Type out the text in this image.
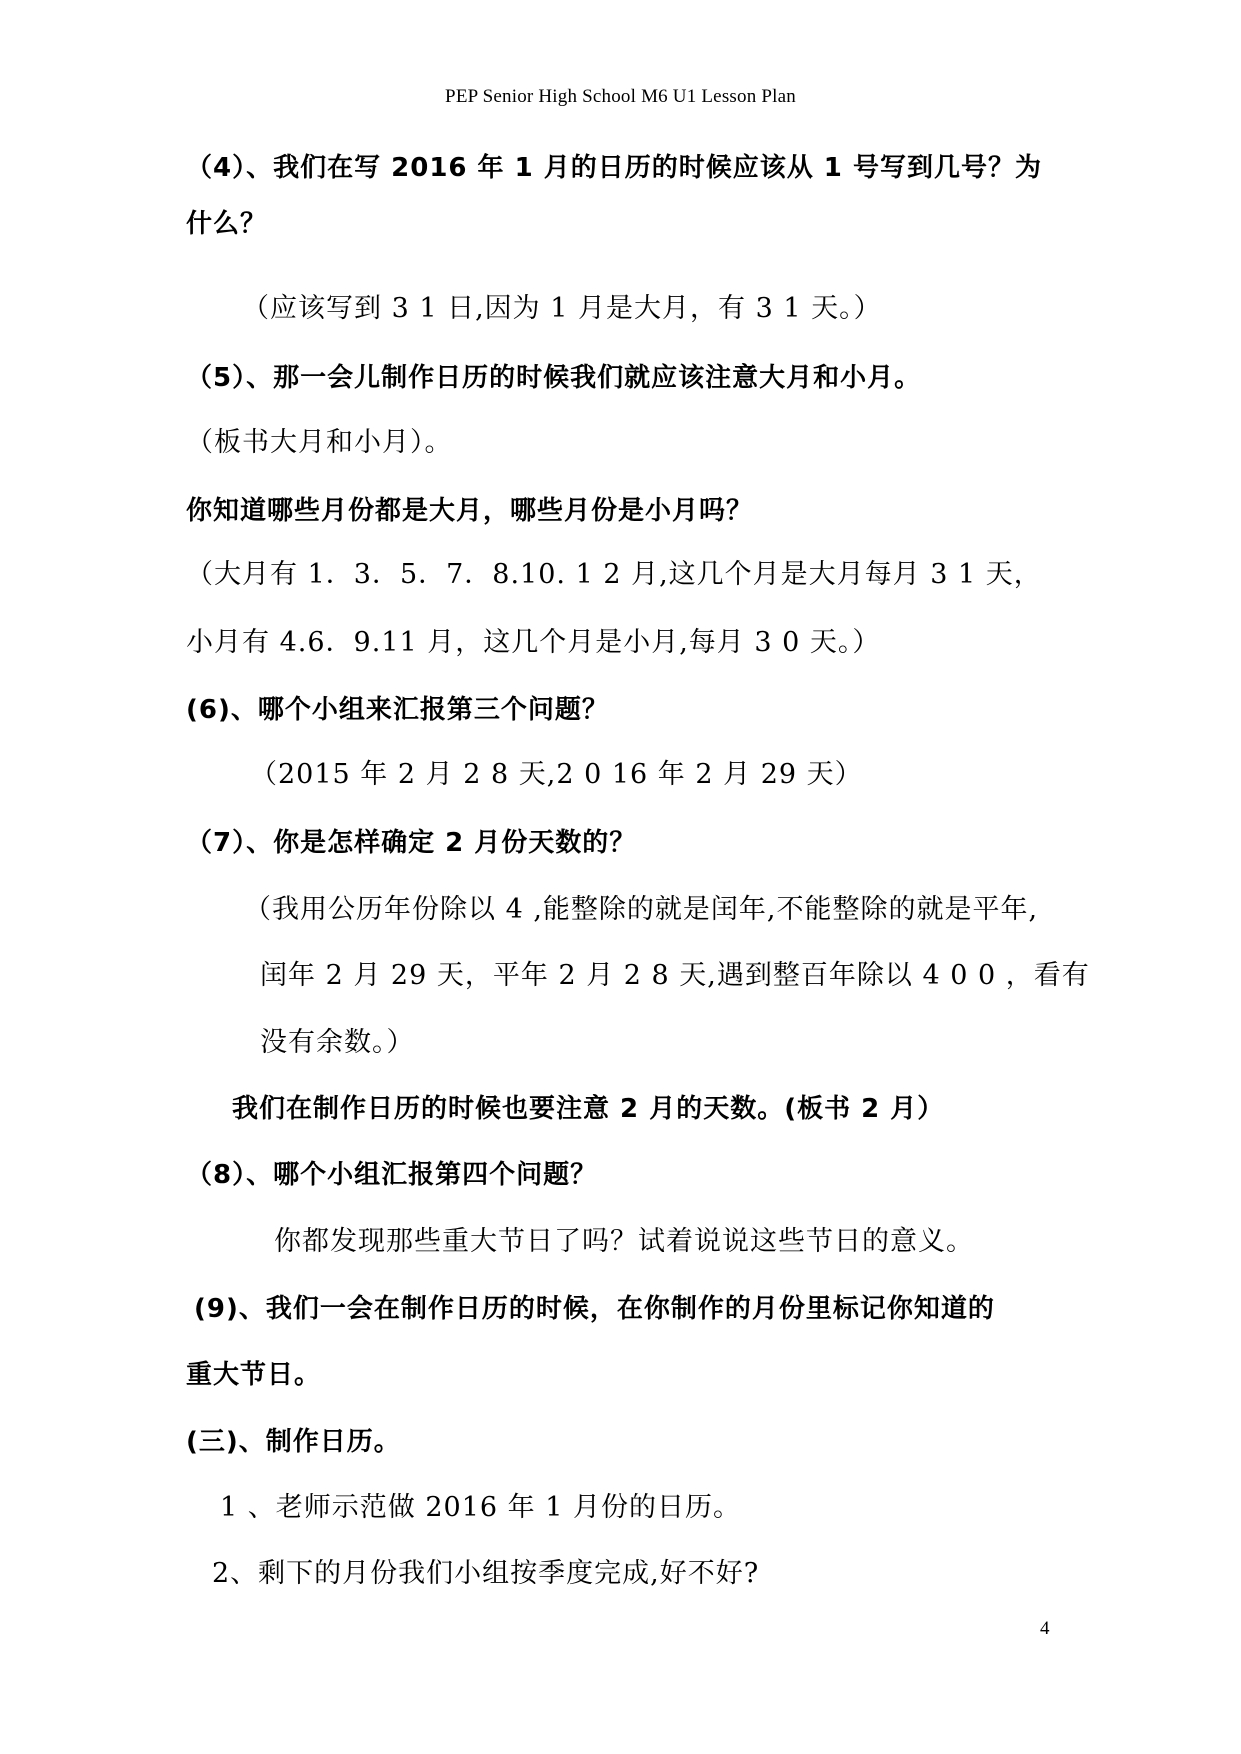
PEP Senior High School M6 U1 Lesson Plan
（4）、我们在写 2016 年 1 月的日历的时候应该从 1 号写到几号？为
什么？
（应该写到 3 1 日,因为 1 月是大月，有 3 1 天。）
（5）、那一会儿制作日历的时候我们就应该注意大月和小月。
（板书大月和小月）。
你知道哪些月份都是大月，哪些月份是小月吗？
（大月有 1．3．5．7．8.10. 1 2 月,这几个月是大月每月 3 1 天，
小月有 4.6．9.11 月，这几个月是小月,每月 3 0 天。）
(6)、哪个小组来汇报第三个问题？
（2015 年 2 月 2 8 天,2 0 16 年 2 月 29 天）
（7）、你是怎样确定 2 月份天数的？
（我用公历年份除以 4 ,能整除的就是闰年,不能整除的就是平年,
闰年 2 月 29 天，平年 2 月 2 8 天,遇到整百年除以 4 0 0 ，看有
没有余数。）
我们在制作日历的时候也要注意 2 月的天数。(板书 2 月）
（8）、哪个小组汇报第四个问题？
你都发现那些重大节日了吗？试着说说这些节日的意义。
(9)、我们一会在制作日历的时候，在你制作的月份里标记你知道的
重大节日。
(三)、制作日历。
1 、老师示范做 2016 年 1 月份的日历。
2、剩下的月份我们小组按季度完成,好不好?
4
